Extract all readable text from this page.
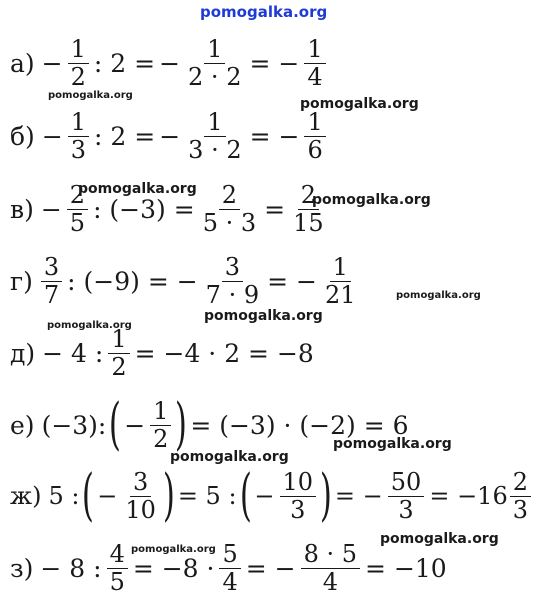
pomogalka.org
pomogalka.org
pomogalka.org
pomogalka.org
pomogalka.org
pomogalka.org
pomogalka.org
pomogalka.org
pomogalka.org
pomogalka.org
pomogalka.org
pomogalka.org
$а) - \frac{1}{2}$ : 2 = − $\frac{1}{2 \cdot 2}$ = − $\frac{1}{4}$
$б) - \frac{1}{3}$ : 2 = − $\frac{1}{3 \cdot 2}$ = − $\frac{1}{6}$
$в) - \frac{2}{5}$ : $(-3) = \frac{2}{5 \cdot 3} = \frac{2}{15}$
$г) \frac{3}{7}$ : (−9) = − $\frac{3}{7 \cdot 9}$ = − $\frac{1}{21}$
д) − 4 : $\frac{1}{2} = -4 \cdot 2 = -8$
е) (−3): ( − $\frac{1}{2}$ ) = (−3) · (−2) = 6
ж) 5 : ( − $\frac{3}{10}$ ) = 5 : ( − $\frac{10}{3}$ ) = − $\frac{50}{3} = -16 \frac{2}{3}$
з) − 8 : $\frac{4}{5} = -8 \cdot \frac{5}{4}$ = − $\frac{8 \cdot 5}{4} = -10$
